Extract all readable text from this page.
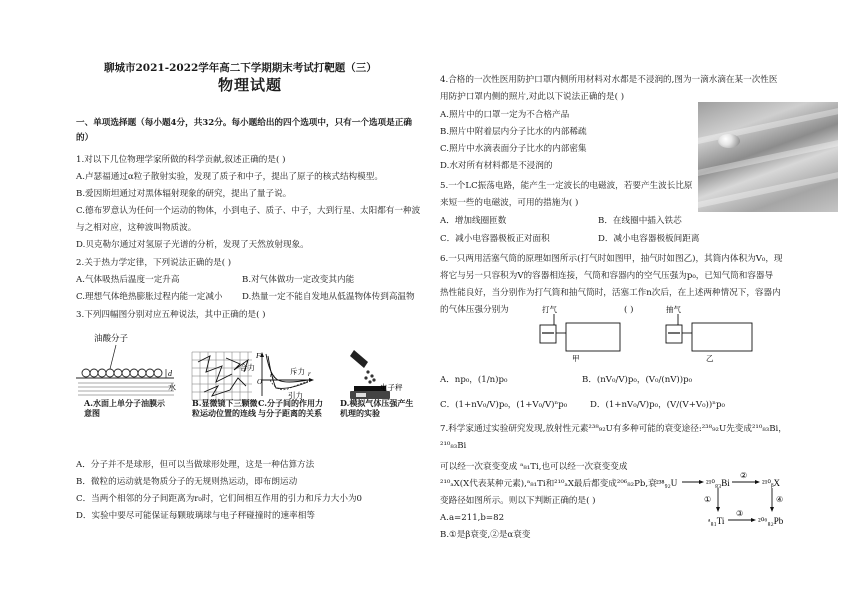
聊城市2021-2022学年高二下学期期末考试打靶题（三）
物理试题
一、单项选择题（每小题4分，共32分。每小题给出的四个选项中，只有一个选项是正确
的）
1.对以下几位物理学家所做的科学贡献,叙述正确的是( )
A.卢瑟福通过α粒子散射实验，发现了质子和中子，提出了原子的核式结构模型。
B.爱因斯坦通过对黑体辐射现象的研究，提出了量子说。
C.德布罗意认为任何一个运动的物体，小到电子、质子、中子，大到行星、太阳都有一种波
与之相对应，这种波叫物质波。
D.贝克勒尔通过对氢原子光谱的分析，发现了天然放射现象。
2.关于热力学定律，下列说法正确的是( )
A.气体吸热后温度一定升高	B.对气体做功一定改变其内能
C.理想气体绝热膨胀过程内能一定减小 D.热量一定不能自发地从低温物体传到高温物
3.下列四幅图分别对应五种说法，其中正确的是( )
油酸分子
d
水
A.水面上单分子油膜示意图
B.显微镜下三颗微粒运动位置的连线
F
O
合力	斥力
引力
r₀	r
C.分子间的作用力与分子距离的关系
电子秤
D.模拟气体压强产生机理的实验
A．分子并不是球形，但可以当做球形处理，这是一种估算方法
B．微粒的运动就是物质分子的无规则热运动，即布朗运动
C．当两个相邻的分子间距离为r₀时，它们间相互作用的引力和斥力大小为0
D．实验中要尽可能保证每颗玻璃球与电子秤碰撞时的速率相等
4.合格的一次性医用防护口罩内侧所用材料对水都是不浸润的,图为一滴水滴在某一次性医
用防护口罩内侧的照片,对此以下说法正确的是( )
A.照片中的口罩一定为不合格产品
B.照片中附着层内分子比水的内部稀疏
C.照片中水滴表面分子比水的内部密集
D.水对所有材料都是不浸润的
5.一个LC振荡电路，能产生一定波长的电磁波，若要产生波长比原
来短一些的电磁波，可用的措施为( )
A．增加线圈匝数	B．在线圈中插入铁芯
C．减小电容器极板正对面积	D．减小电容器极板间距离
6.一只两用活塞气筒的原理如图所示(打气时如图甲，抽气时如图乙)，其筒内体积为V₀，现
将它与另一只容积为V的容器相连接，气筒和容器内的空气压强为p₀，已知气筒和容器导
热性能良好，当分别作为打气筒和抽气筒时，活塞工作n次后，在上述两种情况下，容器内
的气体压强分别为	( )
打气
甲
抽气
乙
A．np₀，(1/n)p₀	B．(nV₀/V)p₀，(V₀/(nV))p₀
C．(1+nV₀/V)p₀，(1+V₀/V)ⁿp₀	D．(1+nV₀/V)p₀，(V/(V+V₀))ⁿp₀
7.科学家通过实验研究发现,放射性元素²³⁸₉₂U有多种可能的衰变途径:²³⁸₉₂U先变成²¹⁰₈₃Bi，
²¹⁰₈₃Bi
可以经一次衰变变成 ᵃ₈₁Ti,也可以经一次衰变变成
²¹⁰ₐX(X代表某种元素),ᵃ₈₁Ti和²¹⁰ₐX最后都变成²⁰⁶₈₂Pb,衰
变路径如图所示。则以下判断正确的是( )
A.a=211,b=82
B.①是β衰变,②是α衰变
²³⁸₉₂U	²¹⁰₈₃Bi
②
²¹⁰ᵦX
①	④
ᵃ₈₁Ti
③
²⁰⁶₈₂Pb
